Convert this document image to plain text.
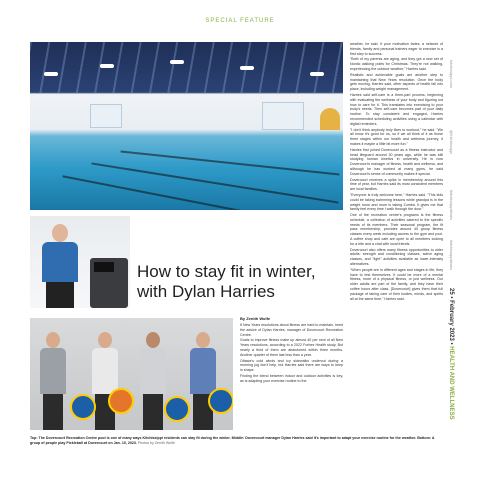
SPECIAL FEATURE
How to stay fit in winter, with Dylan Harries
By Zenith Wolfe

If New Years resolutions about fitness are hard to maintain, heed the advice of Dylan Harries, manager of Dovercourt Recreation Centre.

Goals to improve fitness make up almost 40 per cent of all New Years resolutions, according to a 2022 Forbes Health study. But nearly a third of them are abandoned within three months. Another quarter of them last less than a year.

Ottawa's cold winds and icy sidewalks undercut during a morning jog don't help, but Harries said there are ways to keep in shape.

Finding the blend between indoor and outdoor activities is key, as is adapting your exercise routine to the

weather, he said. If your motivation fades, a network of friends, family and personal trainers eager to exercise is a first step to success.

"Both of my parents are aging, and they got a new set of Nordic walking poles for Christmas. They're not walking, experiencing the outdoor weather," Harries said.

Realistic and achievable goals are another step to maintaining that New Years resolution. Once the body gets moving, Harries said, other aspects of health fall into place, including weight management.

Harries said self-care is a three-part process, beginning with evaluating the wellness of your body and figuring out how to care for it. This translates into exercising to your body's needs. Then self-care becomes part of your daily routine. To stay consistent and engaged, Harries recommended scheduling activities using a calendar with digital reminders.

"I don't think anybody truly likes to workout," he said. "We all know it's good for us, so if we all think of it as those three stages within our health and wellness journey, it makes it maybe a little bit more fun."

Harries first joined Dovercourt as a fitness instructor and head lifeguard around 30 years ago, while he was still studying human kinetics in university. He is now Dovercourt's manager of fitness, health and wellness, and although he has worked at many gyms, he said Dovercourt's sense of community makes it special.

Dovercourt receives a spike in membership around this time of year, but Harries said its most consistent members are local families.

"Everyone is truly welcome here," Harries said. "This kids could be taking swimming lessons while grandpa is in the weight room and mum is taking Zumba. It gives me that family feel every time I walk through the door."

One of the recreation centre's programs is the fitness schedule, a collection of activities catered to the specific needs of its members. Their seasonal program, the fit pass membership, provides around 40 group fitness classes every week including access to the gym and pool. A coffee shop and cafe are open to all members looking for a bite and a chat with local friends.

Dovercourt also offers many fitness opportunities to older adults: strength and conditioning classes, active aging classes, and "light" activities available as lower-intensity alternatives.

"When people are in different ages and stages in life, they have to test themselves. It could be more of a mental fitness, more of a physical fitness, or just wellness. Our older adults are part of the family, and they have their coffee hours after class. [Dovercourt] gives them that full package of taking care of their bodies, minds, and spirits all at the same time," Harries said.

Top: The Dovercourt Recreation Centre pool is one of many ways Kitchissippi residents can stay fit during the winter. Middle: Dovercourt manager Dylan Harries said it's important to adapt your exercise routine for the weather. Bottom: A group of people play Pickleball at Dovercourt on Jan. 10, 2023. Photos by Zenith Wolfe
kitchissippi.com
@Kitchissippi
/kitchissippitimes
/kitchissippitimes
25 • February 2023 • HEALTH AND WELLNESS
